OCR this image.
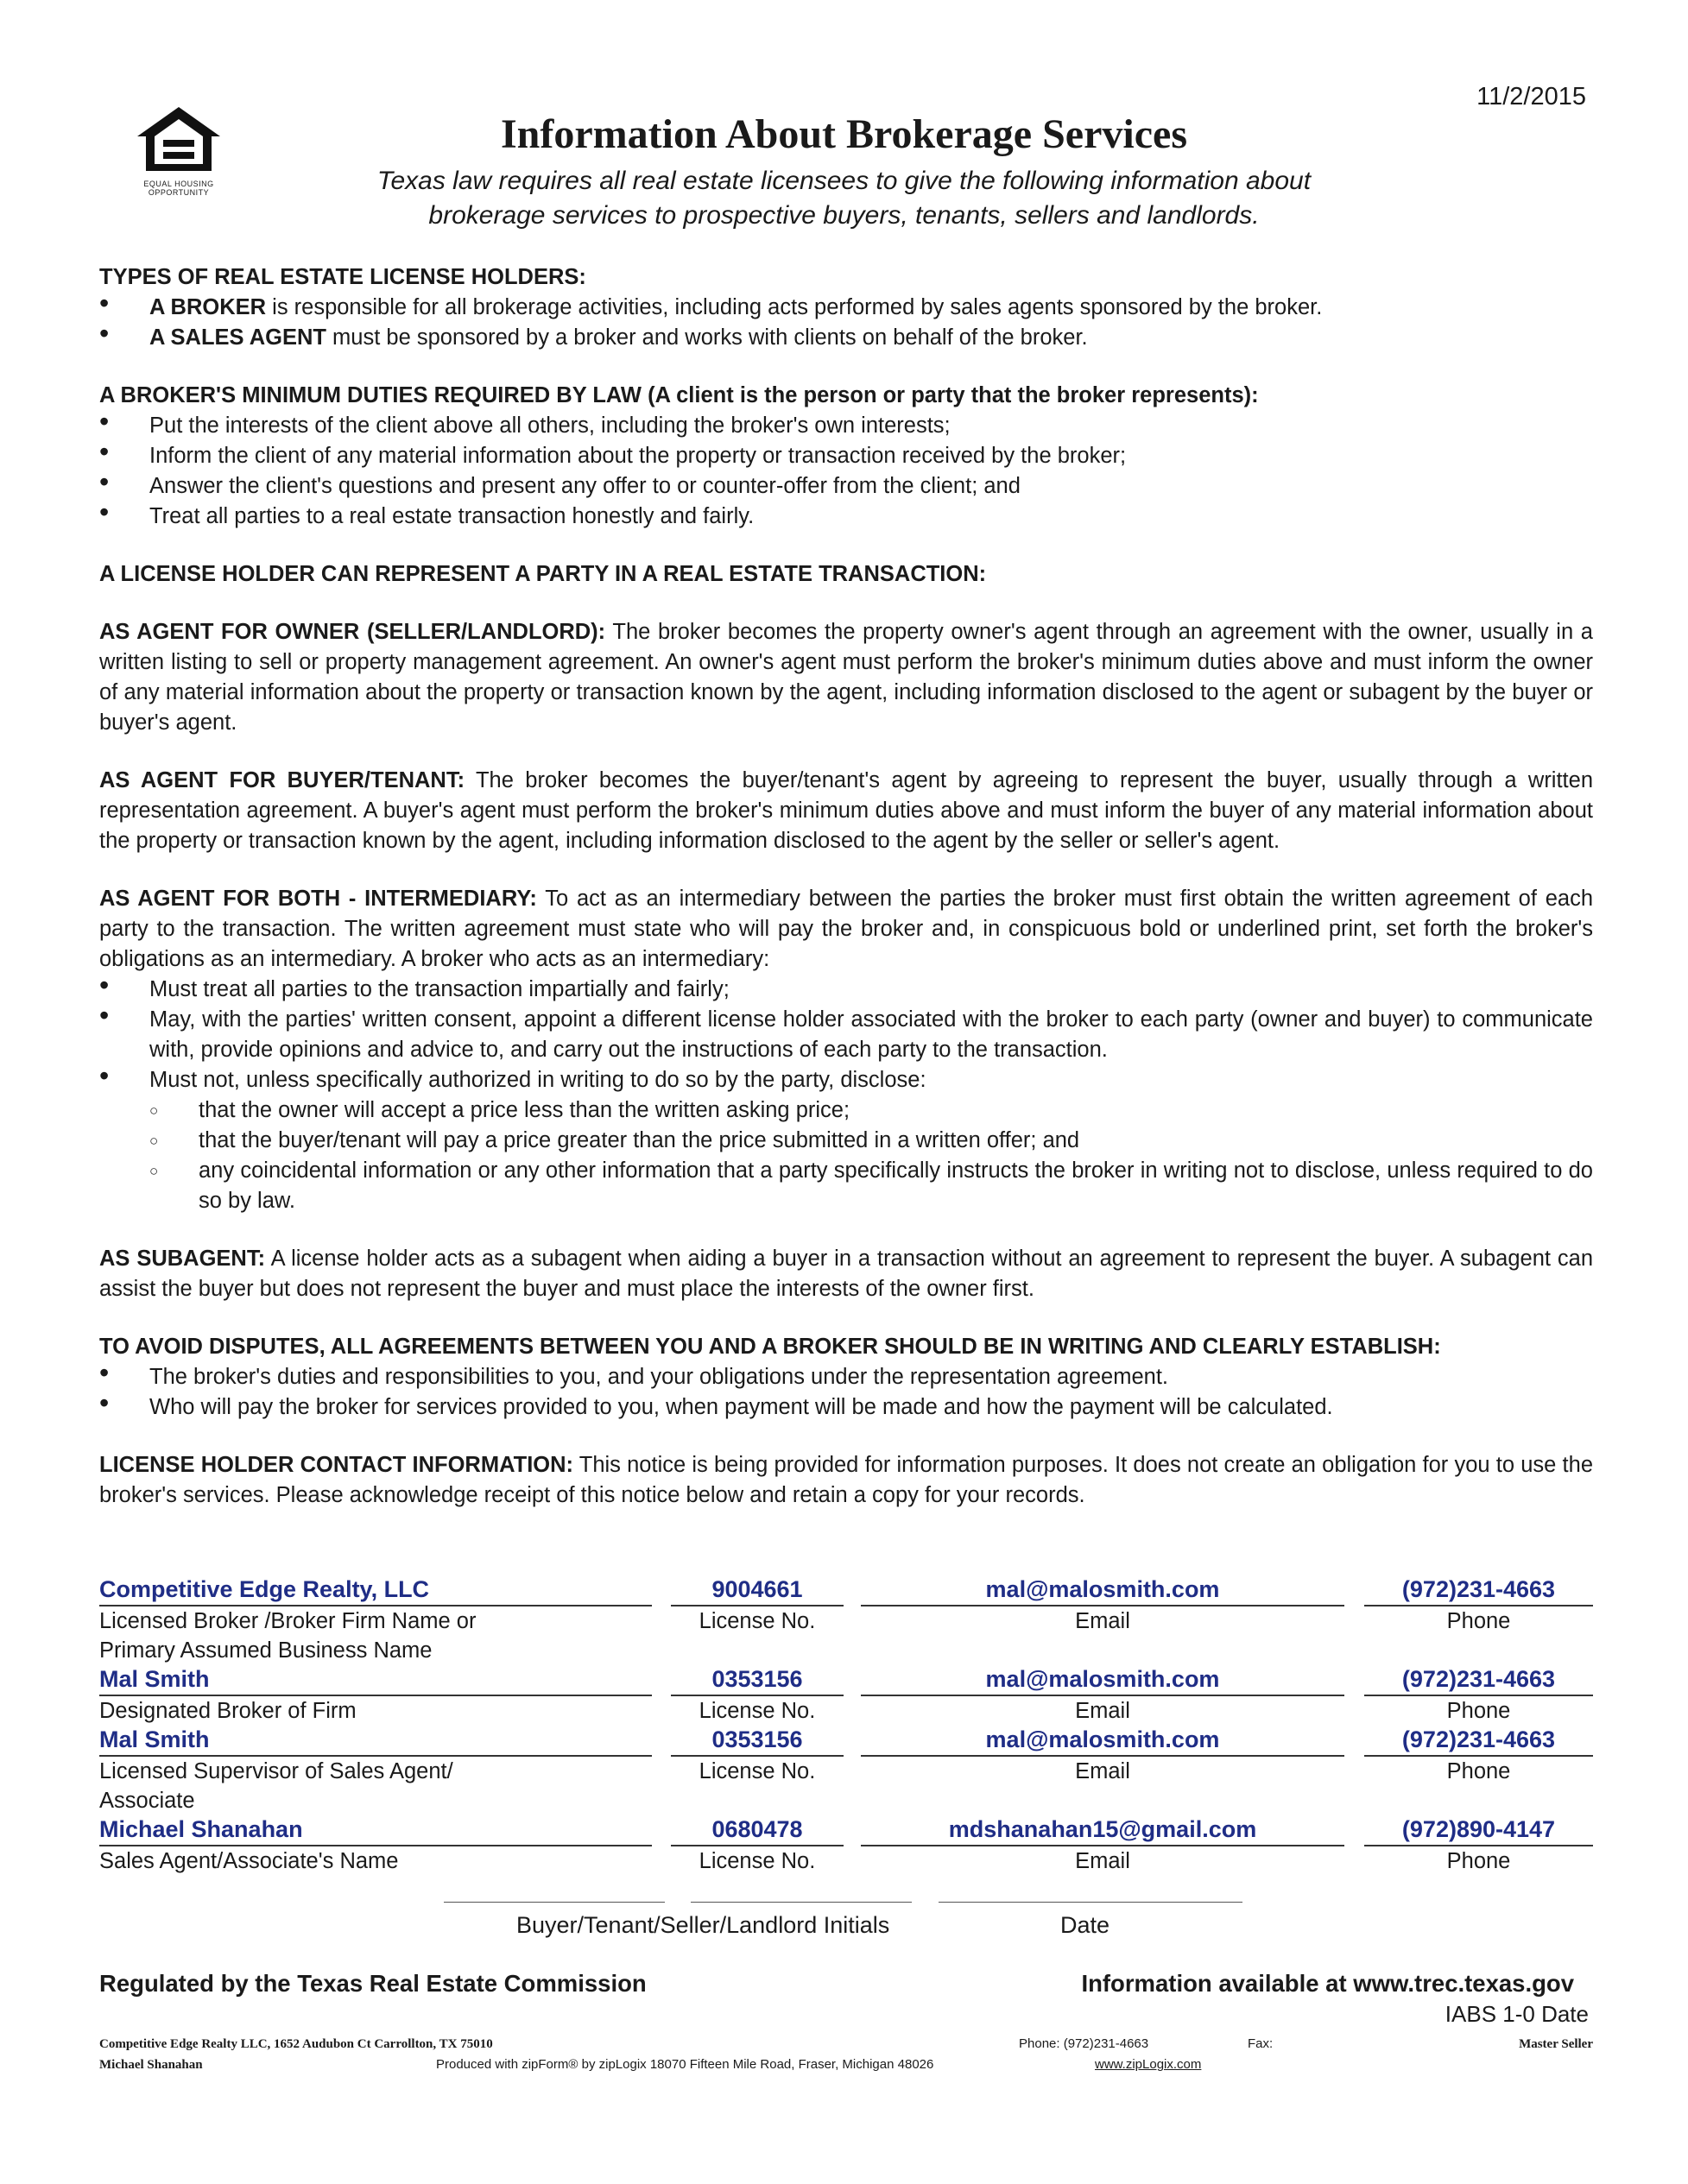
11/2/2015
EQUAL HOUSING
OPPORTUNITY
Information About Brokerage Services
Texas law requires all real estate licensees to give the following information about
brokerage services to prospective buyers, tenants, sellers and landlords.

TYPES OF REAL ESTATE LICENSE HOLDERS:

• A BROKER is responsible for all brokerage activities, including acts performed by sales agents sponsored by the broker.
• A SALES AGENT must be sponsored by a broker and works with clients on behalf of the broker.

A BROKER'S MINIMUM DUTIES REQUIRED BY LAW (A client is the person or party that the broker represents):

• Put the interests of the client above all others, including the broker's own interests;
• Inform the client of any material information about the property or transaction received by the broker;
• Answer the client's questions and present any offer to or counter-offer from the client; and
• Treat all parties to a real estate transaction honestly and fairly.

A LICENSE HOLDER CAN REPRESENT A PARTY IN A REAL ESTATE TRANSACTION:

AS AGENT FOR OWNER (SELLER/LANDLORD): The broker becomes the property owner's agent through an agreement with the owner, usually in a written listing to sell or property management agreement. An owner's agent must perform the broker's minimum duties above and must inform the owner of any material information about the property or transaction known by the agent, including information disclosed to the agent or subagent by the buyer or buyer's agent.

AS AGENT FOR BUYER/TENANT: The broker becomes the buyer/tenant's agent by agreeing to represent the buyer, usually through a written representation agreement. A buyer's agent must perform the broker's minimum duties above and must inform the buyer of any material information about the property or transaction known by the agent, including information disclosed to the agent by the seller or seller's agent.

AS AGENT FOR BOTH - INTERMEDIARY: To act as an intermediary between the parties the broker must first obtain the written agreement of each party to the transaction. The written agreement must state who will pay the broker and, in conspicuous bold or underlined print, set forth the broker's obligations as an intermediary. A broker who acts as an intermediary:

• Must treat all parties to the transaction impartially and fairly;
• May, with the parties' written consent, appoint a different license holder associated with the broker to each party (owner and buyer) to communicate with, provide opinions and advice to, and carry out the instructions of each party to the transaction.
• Must not, unless specifically authorized in writing to do so by the party, disclose:
○ that the owner will accept a price less than the written asking price;
○ that the buyer/tenant will pay a price greater than the price submitted in a written offer; and
○ any coincidental information or any other information that a party specifically instructs the broker in writing not to disclose, unless required to do so by law.

AS SUBAGENT: A license holder acts as a subagent when aiding a buyer in a transaction without an agreement to represent the buyer. A subagent can assist the buyer but does not represent the buyer and must place the interests of the owner first.

TO AVOID DISPUTES, ALL AGREEMENTS BETWEEN YOU AND A BROKER SHOULD BE IN WRITING AND CLEARLY ESTABLISH:

• The broker's duties and responsibilities to you, and your obligations under the representation agreement.
• Who will pay the broker for services provided to you, when payment will be made and how the payment will be calculated.

LICENSE HOLDER CONTACT INFORMATION: This notice is being provided for information purposes. It does not create an obligation for you to use the broker's services. Please acknowledge receipt of this notice below and retain a copy for your records.

Competitive Edge Realty, LLC	9004661	mal@malosmith.com	(972)231-4663
Licensed Broker /Broker Firm Name or
Primary Assumed Business Name
License No.	Email	Phone
Mal Smith	0353156	mal@malosmith.com	(972)231-4663
Designated Broker of Firm	License No.	Email	Phone
Mal Smith	0353156	mal@malosmith.com	(972)231-4663
Licensed Supervisor of Sales Agent/
Associate
License No.	Email	Phone
Michael Shanahan	0680478	mdshanahan15@gmail.com	(972)890-4147
Sales Agent/Associate's Name	License No.	Email	Phone
Buyer/Tenant/Seller/Landlord Initials	Date
Regulated by the Texas Real Estate Commission	Information available at www.trec.texas.gov
IABS 1-0 Date
Competitive Edge Realty LLC, 1652 Audubon Ct Carrollton, TX 75010	Phone: (972)231-4663	Fax:	Master Seller
Michael Shanahan	Produced with zipForm® by zipLogix 18070 Fifteen Mile Road, Fraser, Michigan 48026	www.zipLogix.com
